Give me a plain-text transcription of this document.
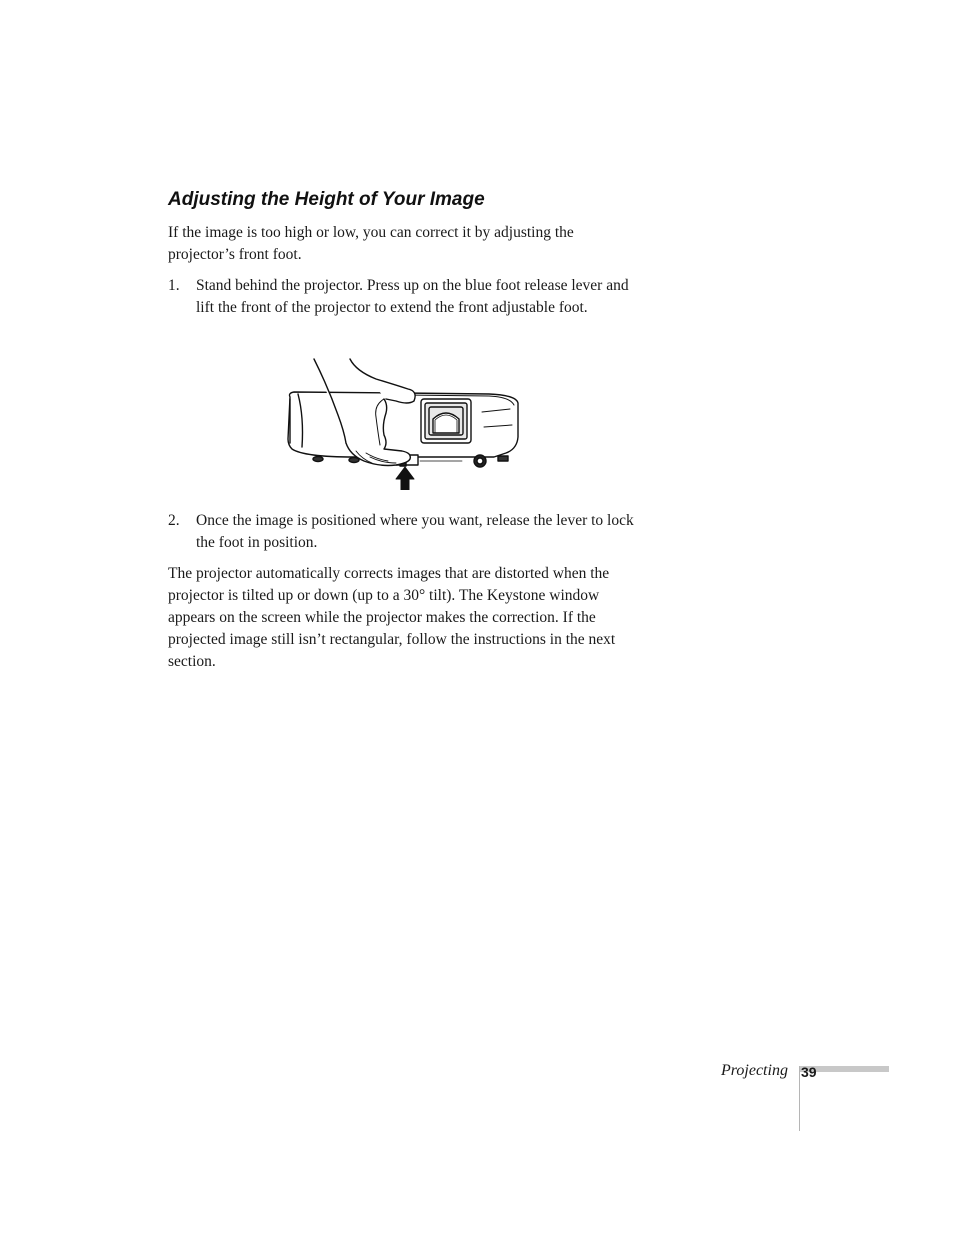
Adjusting the Height of Your Image

If the image is too high or low, you can correct it by adjusting the projector’s front foot.

1. Stand behind the projector. Press up on the blue foot release lever and lift the front of the projector to extend the front adjustable foot.
2. Once the image is positioned where you want, release the lever to lock the foot in position.

The projector automatically corrects images that are distorted when the projector is tilted up or down (up to a 30° tilt). The Keystone window appears on the screen while the projector makes the correction. If the projected image still isn’t rectangular, follow the instructions in the next section.

Projecting 39
